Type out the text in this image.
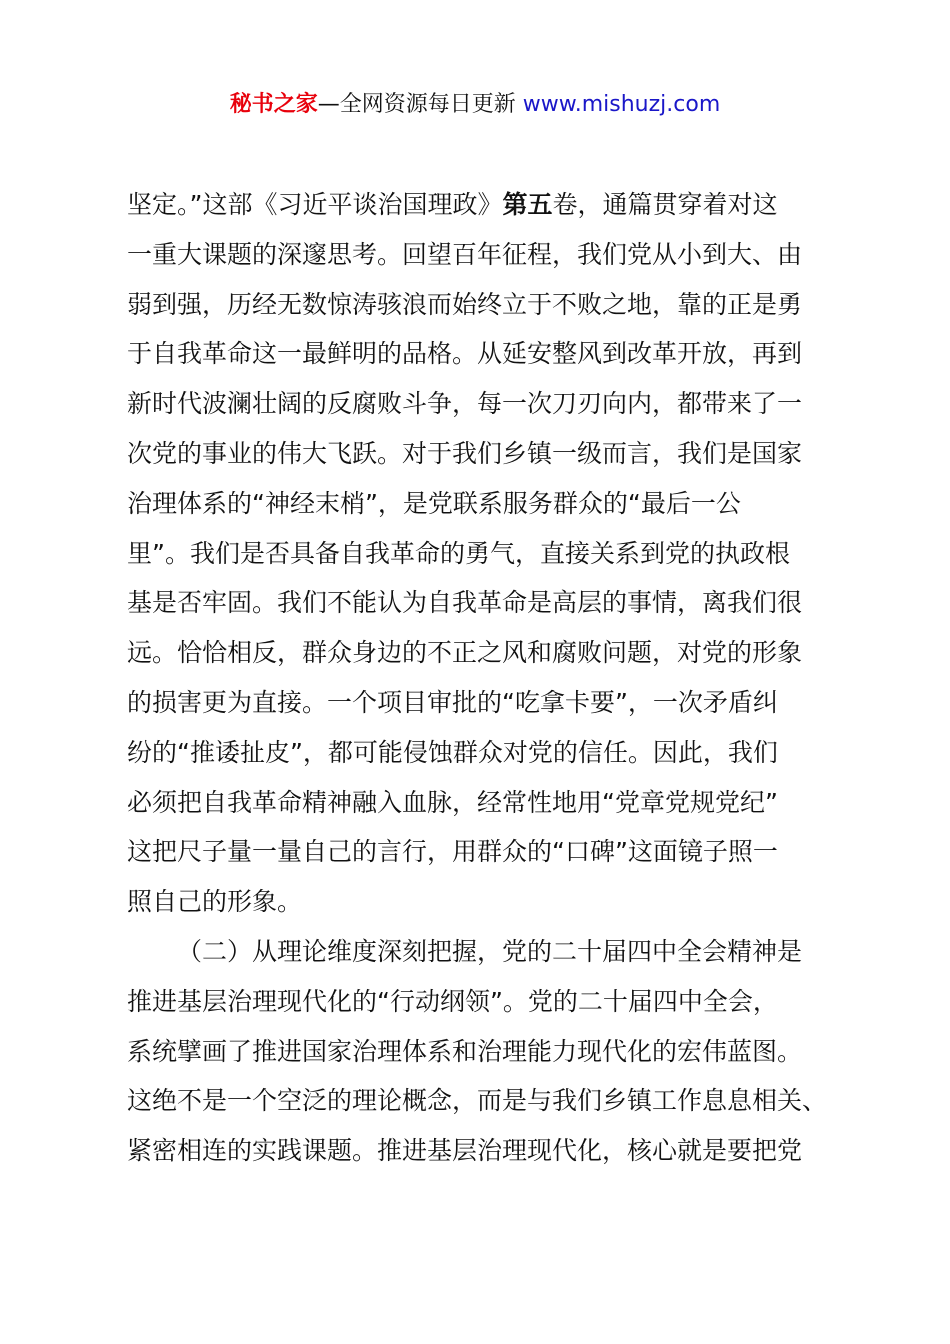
秘书之家—全网资源每日更新 www.mishuzj.com
坚定。”这部《习近平谈治国理政》第五卷，通篇贯穿着对这
一重大课题的深邃思考。回望百年征程，我们党从小到大、由
弱到强，历经无数惊涛骇浪而始终立于不败之地，靠的正是勇
于自我革命这一最鲜明的品格。从延安整风到改革开放，再到
新时代波澜壮阔的反腐败斗争，每一次刀刃向内，都带来了一
次党的事业的伟大飞跃。对于我们乡镇一级而言，我们是国家
治理体系的“神经末梢”，是党联系服务群众的“最后一公
里”。我们是否具备自我革命的勇气，直接关系到党的执政根
基是否牢固。我们不能认为自我革命是高层的事情，离我们很
远。恰恰相反，群众身边的不正之风和腐败问题，对党的形象
的损害更为直接。一个项目审批的“吃拿卡要”，一次矛盾纠
纷的“推诿扯皮”，都可能侵蚀群众对党的信任。因此，我们
必须把自我革命精神融入血脉，经常性地用“党章党规党纪”
这把尺子量一量自己的言行，用群众的“口碑”这面镜子照一
照自己的形象。
（二）从理论维度深刻把握，党的二十届四中全会精神是
推进基层治理现代化的“行动纲领”。党的二十届四中全会，
系统擘画了推进国家治理体系和治理能力现代化的宏伟蓝图。
这绝不是一个空泛的理论概念，而是与我们乡镇工作息息相关、
紧密相连的实践课题。推进基层治理现代化，核心就是要把党
